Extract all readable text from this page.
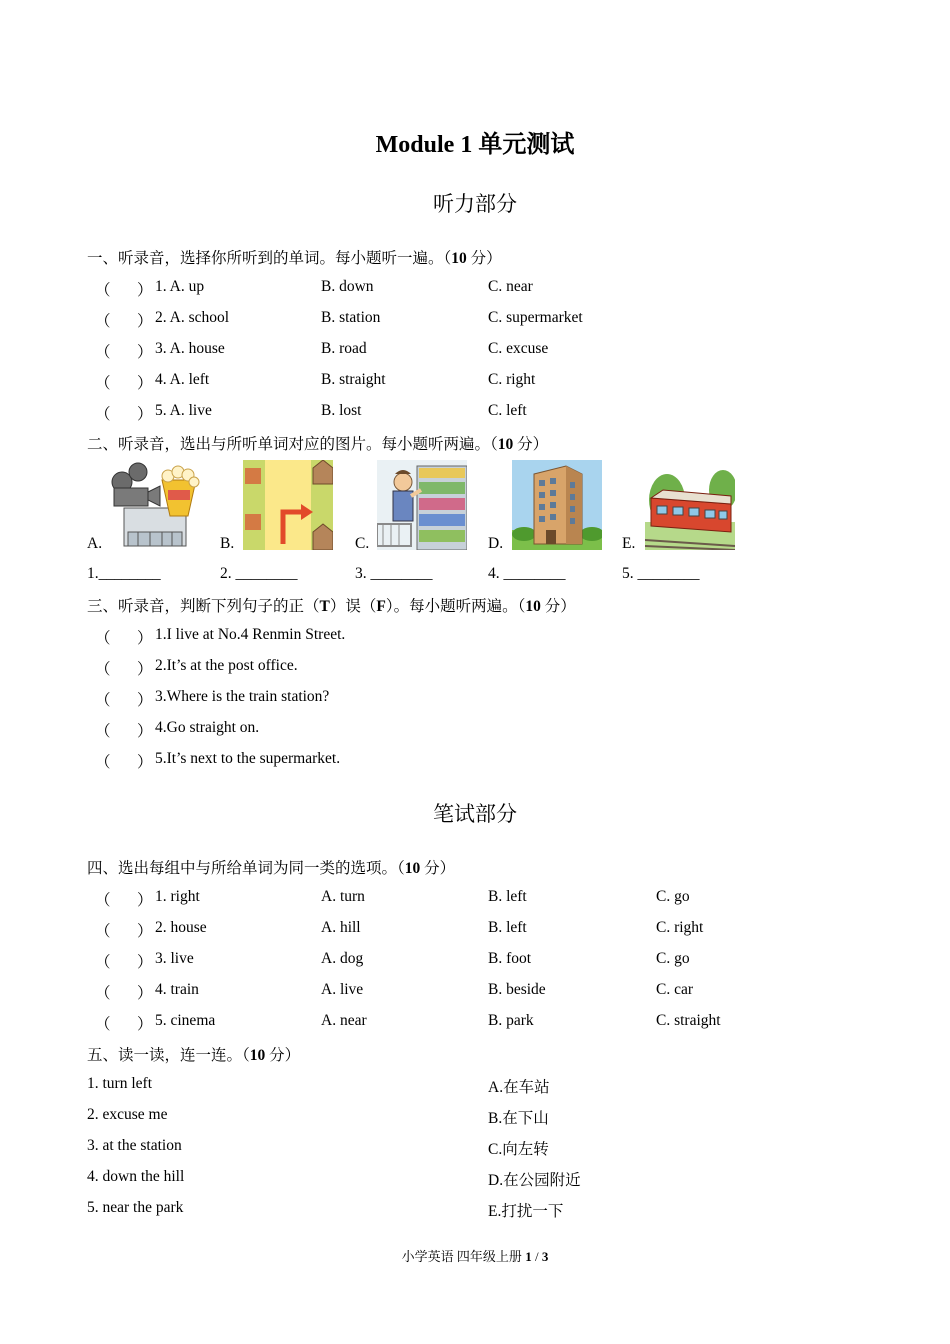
Module 1 单元测试
听力部分
一、听录音，选择你所听到的单词。每小题听一遍。（10 分）
（ ） 1. A. up	B. down	C. near
（ ） 2. A. school	B. station	C. supermarket
（ ） 3. A. house	B. road	C. excuse
（ ） 4. A. left	B. straight	C. right
（ ） 5. A. live	B. lost	C. left
二、听录音，选出与所听单词对应的图片。每小题听两遍。（10 分）
A.	B.	C.	D.	E.
1.________	2. ________	3. ________	4. ________	5. ________
三、听录音，判断下列句子的正（T）误（F）。每小题听两遍。（10 分）
（ ） 1.I live at No.4 Renmin Street.
（ ） 2.It’s at the post office.
（ ） 3.Where is the train station?
（ ） 4.Go straight on.
（ ） 5.It’s next to the supermarket.
笔试部分
四、选出每组中与所给单词为同一类的选项。（10 分）
（ ） 1. right	A. turn	B. left	C. go
（ ） 2. house	A. hill	B. left	C. right
（ ） 3. live	A. dog	B. foot	C. go
（ ） 4. train	A. live	B. beside	C. car
（ ） 5. cinema	A. near	B. park	C. straight
五、读一读，连一连。（10 分）
1. turn left
2. excuse me
3. at the station
4. down the hill
5. near the park
A.在车站
B.在下山
C.向左转
D.在公园附近
E.打扰一下
小学英语 四年级上册 1 / 3
